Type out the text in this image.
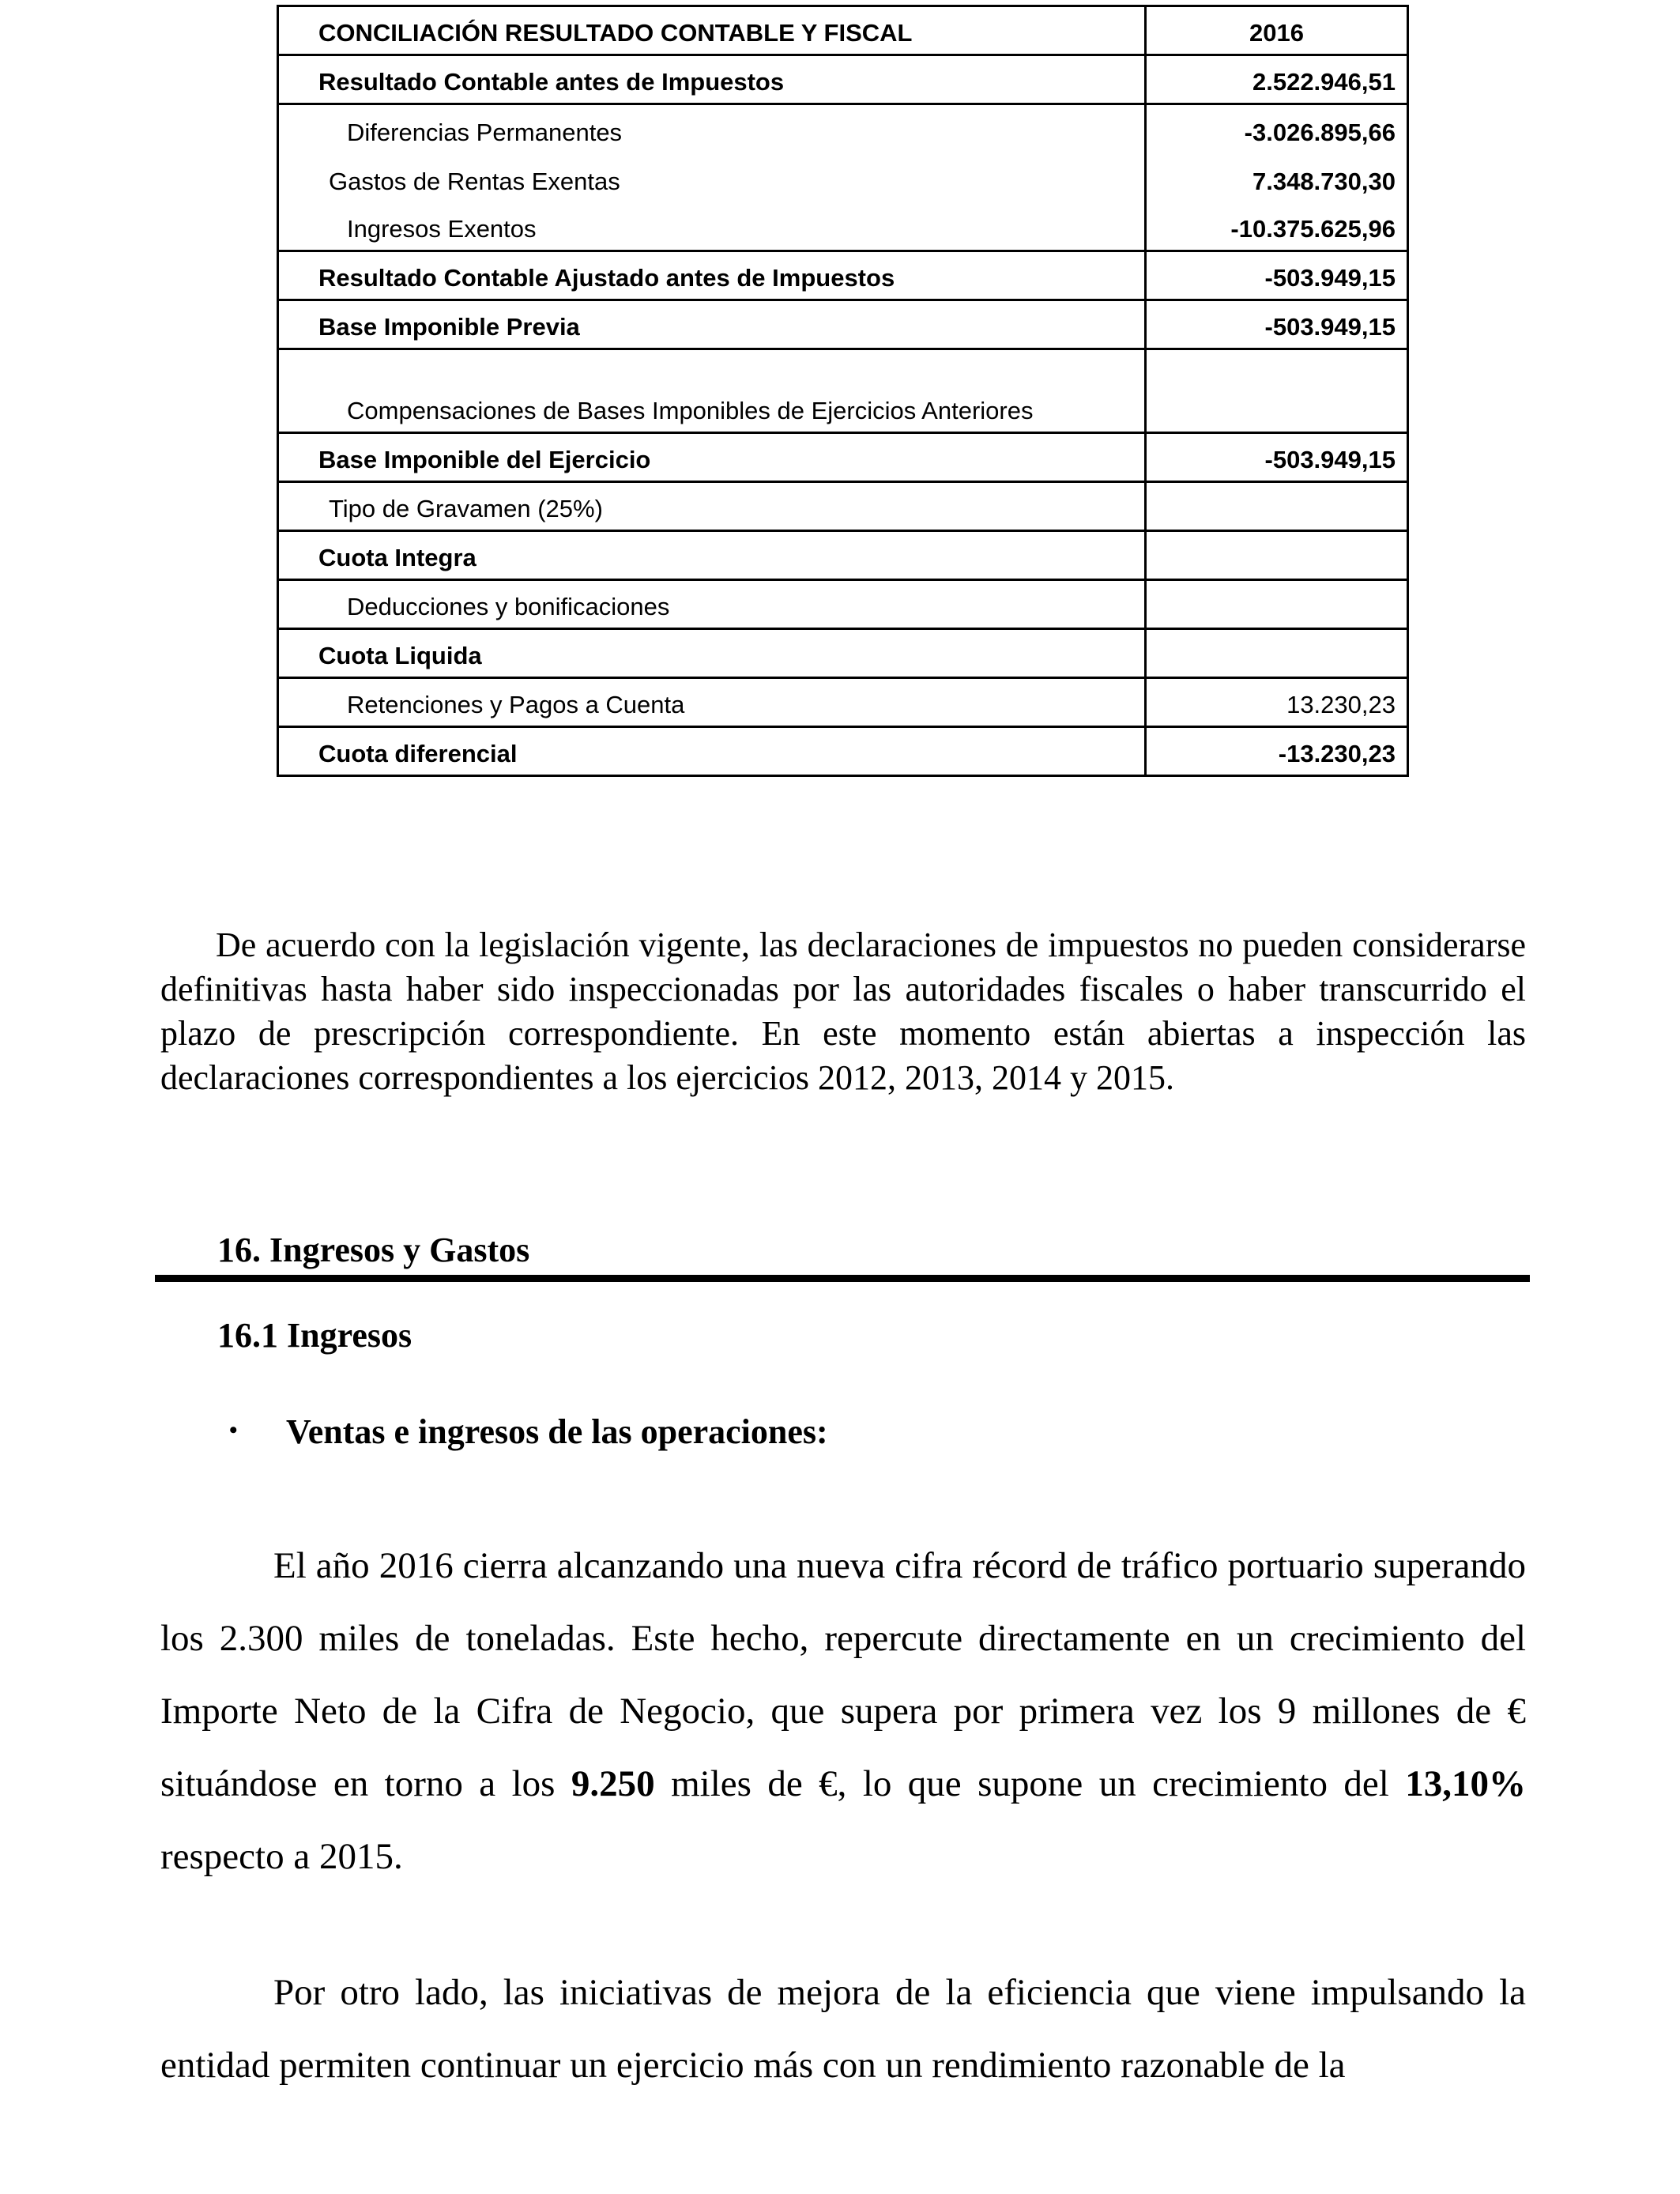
CONCILIACIÓN RESULTADO CONTABLE Y FISCAL	2016
Resultado Contable antes de Impuestos	2.522.946,51
Diferencias Permanentes	-3.026.895,66
Gastos de Rentas Exentas	7.348.730,30
Ingresos Exentos	-10.375.625,96
Resultado Contable Ajustado antes de Impuestos	-503.949,15
Base Imponible Previa	-503.949,15
Compensaciones de Bases Imponibles de Ejercicios Anteriores	
Base Imponible del Ejercicio	-503.949,15
Tipo de Gravamen (25%)	
Cuota Integra	
Deducciones y bonificaciones	
Cuota Liquida	
Retenciones y Pagos a Cuenta	13.230,23
Cuota diferencial	-13.230,23

De acuerdo con la legislación vigente, las declaraciones de impuestos no pueden considerarse definitivas hasta haber sido inspeccionadas por las autoridades fiscales o haber transcurrido el plazo de prescripción correspondiente. En este momento están abiertas a inspección las declaraciones correspondientes a los ejercicios 2012, 2013, 2014 y 2015.

16. Ingresos y Gastos
16.1 Ingresos
• Ventas e ingresos de las operaciones:

El año 2016 cierra alcanzando una nueva cifra récord de tráfico portuario superando los 2.300 miles de toneladas. Este hecho, repercute directamente en un crecimiento del Importe Neto de la Cifra de Negocio, que supera por primera vez los 9 millones de € situándose en torno a los 9.250 miles de €, lo que supone un crecimiento del 13,10% respecto a 2015.

Por otro lado, las iniciativas de mejora de la eficiencia que viene impulsando la entidad permiten continuar un ejercicio más con un rendimiento razonable de la
